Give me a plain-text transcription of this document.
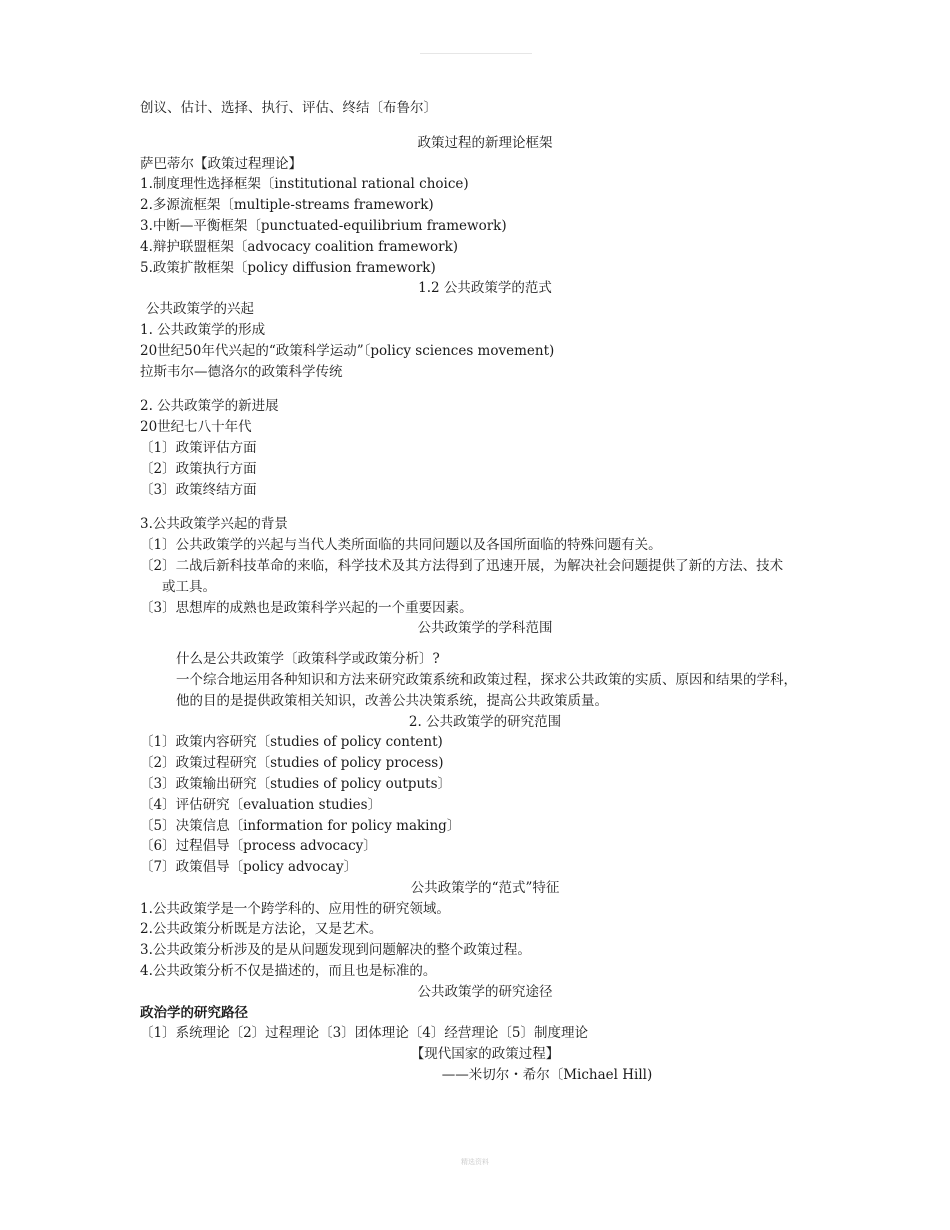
创议、估计、选择、执行、评估、终结〔布鲁尔〕
政策过程的新理论框架
萨巴蒂尔【政策过程理论】
1.制度理性选择框架〔institutional rational choice)
2.多源流框架〔multiple-streams framework)
3.中断—平衡框架〔punctuated-equilibrium framework)
4.辩护联盟框架〔advocacy coalition framework)
5.政策扩散框架〔policy diffusion framework)
1.2 公共政策学的范式
公共政策学的兴起
1. 公共政策学的形成
20世纪50年代兴起的“政策科学运动”〔policy sciences movement)
拉斯韦尔—德洛尔的政策科学传统
2. 公共政策学的新进展
20世纪七八十年代
〔1〕政策评估方面
〔2〕政策执行方面
〔3〕政策终结方面
3.公共政策学兴起的背景
〔1〕公共政策学的兴起与当代人类所面临的共同问题以及各国所面临的特殊问题有关。
〔2〕二战后新科技革命的来临，科学技术及其方法得到了迅速开展，为解决社会问题提供了新的方法、技术
或工具。
〔3〕思想库的成熟也是政策科学兴起的一个重要因素。
公共政策学的学科范围
什么是公共政策学〔政策科学或政策分析〕?
一个综合地运用各种知识和方法来研究政策系统和政策过程，探求公共政策的实质、原因和结果的学科，
他的目的是提供政策相关知识，改善公共决策系统，提高公共政策质量。
2. 公共政策学的研究范围
〔1〕政策内容研究〔studies of policy content)
〔2〕政策过程研究〔studies of policy process)
〔3〕政策输出研究〔studies of policy outputs〕
〔4〕评估研究〔evaluation studies〕
〔5〕决策信息〔information for policy making〕
〔6〕过程倡导〔process advocacy〕
〔7〕政策倡导〔policy advocay〕
公共政策学的“范式”特征
1.公共政策学是一个跨学科的、应用性的研究领域。
2.公共政策分析既是方法论，又是艺术。
3.公共政策分析涉及的是从问题发现到问题解决的整个政策过程。
4.公共政策分析不仅是描述的，而且也是标准的。
公共政策学的研究途径
政治学的研究路径
〔1〕系统理论〔2〕过程理论〔3〕团体理论〔4〕经营理论〔5〕制度理论
【现代国家的政策过程】
——米切尔・希尔〔Michael Hill)
精选资料
